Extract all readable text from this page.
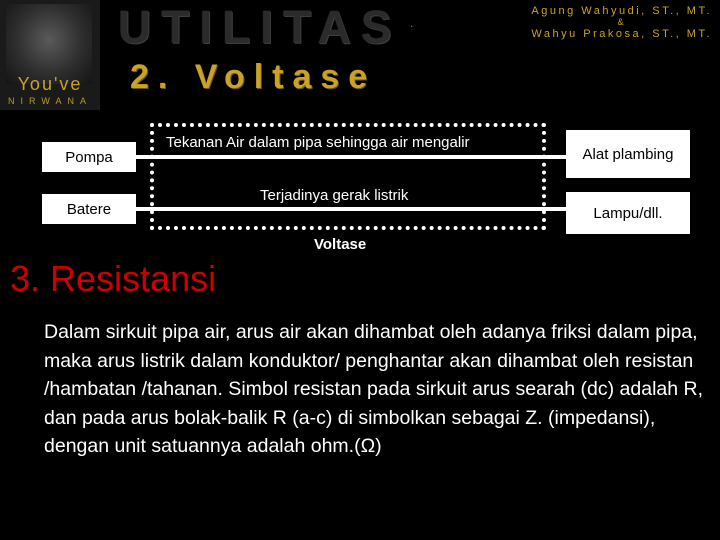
You've
NIRWANA
UTILITAS .
Agung Wahyudi, ST., MT.
&
Wahyu Prakosa, ST., MT.
2. Voltase
Pompa
Batere
Tekanan Air dalam pipa sehingga air mengalir
Terjadinya gerak listrik
Alat plambing
Lampu/dll.
Voltase
3. Resistansi
Dalam sirkuit pipa air, arus air akan dihambat oleh adanya friksi dalam pipa, maka arus listrik dalam konduktor/ penghantar akan dihambat oleh resistan /hambatan /tahanan. Simbol resistan pada sirkuit arus searah (dc) adalah R, dan pada arus bolak-balik R (a-c) di simbolkan sebagai Z. (impedansi), dengan unit satuannya adalah ohm.(Ω)
